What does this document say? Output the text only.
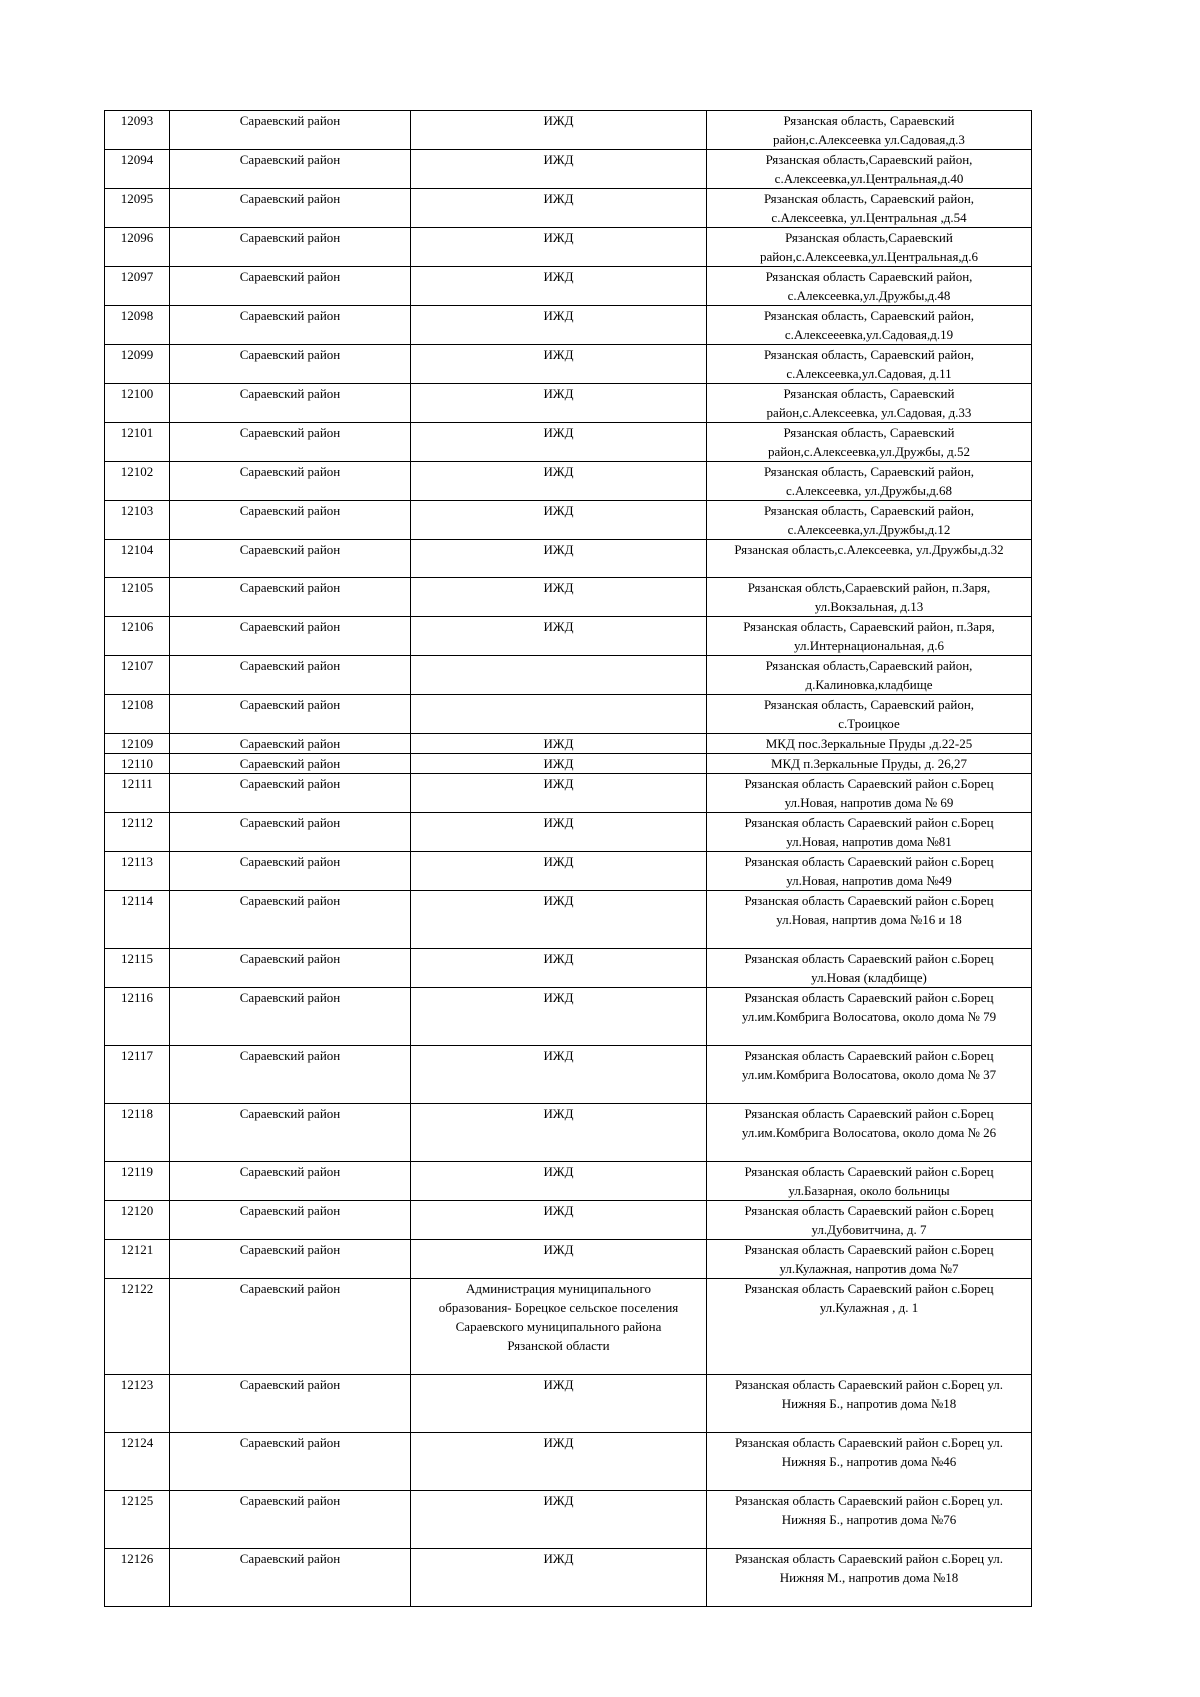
12093	Сараевский район	ИЖД	Рязанская область, Сараевский
район,с.Алексеевка ул.Садовая,д.3
12094	Сараевский район	ИЖД	Рязанская область,Сараевский район,
с.Алексеевка,ул.Центральная,д.40
12095	Сараевский район	ИЖД	Рязанская область, Сараевский район,
с.Алексеевка, ул.Центральная ,д.54
12096	Сараевский район	ИЖД	Рязанская область,Сараевский
район,с.Алексеевка,ул.Центральная,д.6
12097	Сараевский район	ИЖД	Рязанская область Сараевский район,
с.Алексеевка,ул.Дружбы,д.48
12098	Сараевский район	ИЖД	Рязанская область, Сараевский район,
с.Алексееевка,ул.Садовая,д.19
12099	Сараевский район	ИЖД	Рязанская область, Сараевский район,
с.Алексеевка,ул.Садовая, д.11
12100	Сараевский район	ИЖД	Рязанская область, Сараевский
район,с.Алексеевка, ул.Садовая, д.33
12101	Сараевский район	ИЖД	Рязанская область, Сараевский
район,с.Алексеевка,ул.Дружбы, д.52
12102	Сараевский район	ИЖД	Рязанская область, Сараевский район,
с.Алексеевка, ул.Дружбы,д.68
12103	Сараевский район	ИЖД	Рязанская область, Сараевский район,
с.Алексеевка,ул.Дружбы,д.12
12104	Сараевский район	ИЖД	Рязанская область,с.Алексеевка, ул.Дружбы,д.32
12105	Сараевский район	ИЖД	Рязанская облсть,Сараевский район, п.Заря,
ул.Вокзальная, д.13
12106	Сараевский район	ИЖД	Рязанская область, Сараевский район, п.Заря,
ул.Интернациональная, д.6
12107	Сараевский район		Рязанская область,Сараевский район,
д.Калиновка,кладбище
12108	Сараевский район		Рязанская область, Сараевский район,
с.Троицкое
12109	Сараевский район	ИЖД	МКД пос.Зеркальные Пруды ,д.22-25
12110	Сараевский район	ИЖД	МКД п.Зеркальные Пруды, д. 26,27
12111	Сараевский район	ИЖД	Рязанская область Сараевский район с.Борец
ул.Новая, напротив дома № 69
12112	Сараевский район	ИЖД	Рязанская область Сараевский район с.Борец
ул.Новая, напротив дома №81
12113	Сараевский район	ИЖД	Рязанская область Сараевский район с.Борец
ул.Новая, напротив дома №49
12114	Сараевский район	ИЖД	Рязанская область Сараевский район с.Борец
ул.Новая, напртив дома №16 и 18
12115	Сараевский район	ИЖД	Рязанская область Сараевский район с.Борец
ул.Новая (кладбище)
12116	Сараевский район	ИЖД	Рязанская область Сараевский район с.Борец
ул.им.Комбрига Волосатова, около дома № 79
12117	Сараевский район	ИЖД	Рязанская область Сараевский район с.Борец
ул.им.Комбрига Волосатова, около дома № 37
12118	Сараевский район	ИЖД	Рязанская область Сараевский район с.Борец
ул.им.Комбрига Волосатова, около дома № 26
12119	Сараевский район	ИЖД	Рязанская область Сараевский район с.Борец
ул.Базарная, около больницы
12120	Сараевский район	ИЖД	Рязанская область Сараевский район с.Борец
ул.Дубовитчина, д. 7
12121	Сараевский район	ИЖД	Рязанская область Сараевский район с.Борец
ул.Кулажная, напротив дома №7
12122	Сараевский район	Администрация муниципального
образования- Борецкое сельское поселения
Сараевского муниципального района
Рязанской области	Рязанская область Сараевский район с.Борец
ул.Кулажная , д. 1
12123	Сараевский район	ИЖД	Рязанская область Сараевский район с.Борец ул.
Нижняя Б., напротив дома №18
12124	Сараевский район	ИЖД	Рязанская область Сараевский район с.Борец ул.
Нижняя Б., напротив дома №46
12125	Сараевский район	ИЖД	Рязанская область Сараевский район с.Борец ул.
Нижняя Б., напротив дома №76
12126	Сараевский район	ИЖД	Рязанская область Сараевский район с.Борец ул.
Нижняя М., напротив дома №18
